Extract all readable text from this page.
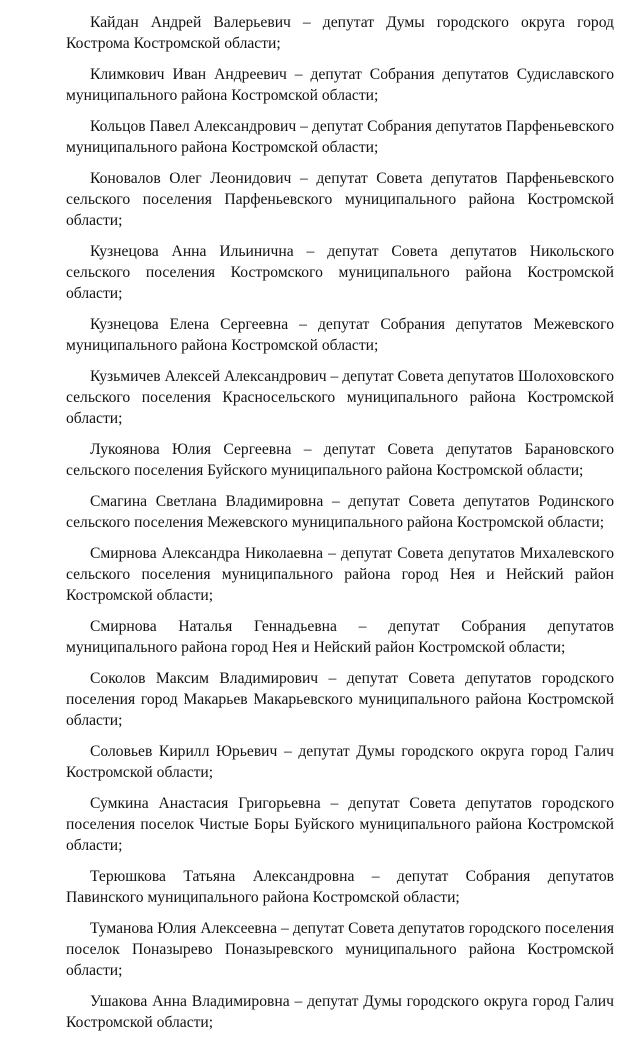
Кайдан Андрей Валерьевич – депутат Думы городского округа город Кострома Костромской области;

Климкович Иван Андреевич – депутат Собрания депутатов Судиславского муниципального района Костромской области;

Кольцов Павел Александрович – депутат Собрания депутатов Парфеньевского муниципального района Костромской области;

Коновалов Олег Леонидович – депутат Совета депутатов Парфеньевского сельского поселения Парфеньевского муниципального района Костромской области;

Кузнецова Анна Ильинична – депутат Совета депутатов Никольского сельского поселения Костромского муниципального района Костромской области;

Кузнецова Елена Сергеевна – депутат Собрания депутатов Межевского муниципального района Костромской области;

Кузьмичев Алексей Александрович – депутат Совета депутатов Шолоховского сельского поселения Красносельского муниципального района Костромской области;

Лукоянова Юлия Сергеевна – депутат Совета депутатов Барановского сельского поселения Буйского муниципального района Костромской области;

Смагина Светлана Владимировна – депутат Совета депутатов Родинского сельского поселения Межевского муниципального района Костромской области;

Смирнова Александра Николаевна – депутат Совета депутатов Михалевского сельского поселения муниципального района город Нея и Нейский район Костромской области;

Смирнова Наталья Геннадьевна – депутат Собрания депутатов муниципального района город Нея и Нейский район Костромской области;

Соколов Максим Владимирович – депутат Совета депутатов городского поселения город Макарьев Макарьевского муниципального района Костромской области;

Соловьев Кирилл Юрьевич – депутат Думы городского округа город Галич Костромской области;

Сумкина Анастасия Григорьевна – депутат Совета депутатов городского поселения поселок Чистые Боры Буйского муниципального района Костромской области;

Терюшкова Татьяна Александровна – депутат Собрания депутатов Павинского муниципального района Костромской области;

Туманова Юлия Алексеевна – депутат Совета депутатов городского поселения поселок Поназырево Поназыревского муниципального района Костромской области;

Ушакова Анна Владимировна – депутат Думы городского округа город Галич Костромской области;
